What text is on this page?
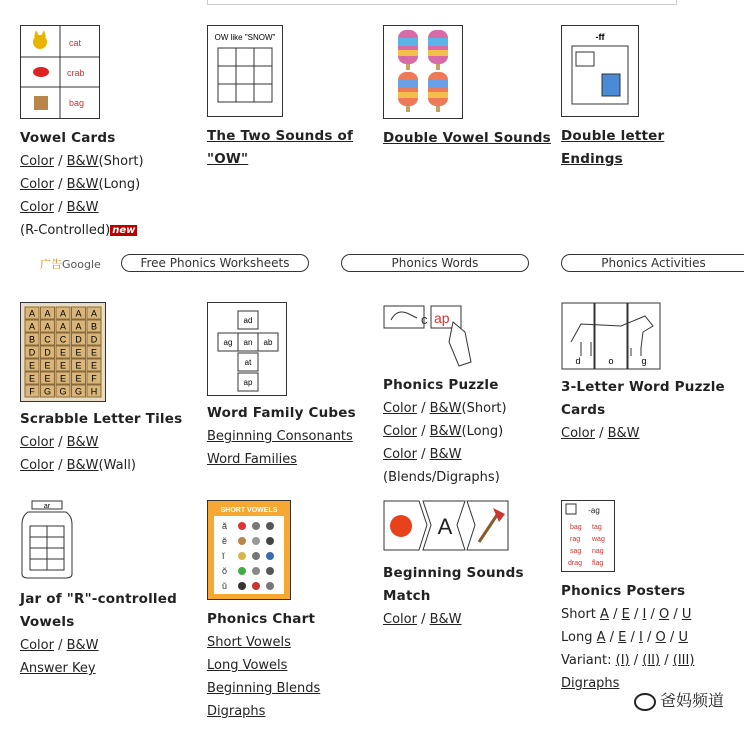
cat
crab
bag
Vowel Cards
Color / B&W(Short)
Color / B&W(Long)
Color / B&W
(R-Controlled) $^{new}$
OW like "SNOW"
The Two Sounds of "OW"
Double Vowel Sounds
-ff
Double letter Endings
广告Google	Free Phonics Worksheets	Phonics Words	Phonics Activities
A A A A A
A A A A B
B C C D D
D D E E E
E E E E E
E E E E F
F G G G H
Scrabble Letter Tiles
Color / B&W
Color / B&W(Wall)
ad
ag an ab
at
ap
Word Family Cubes
Beginning Consonants
Word Families
c ap
Phonics Puzzle
Color / B&W(Short)
Color / B&W(Long)
Color / B&W
(Blends/Digraphs)
d	o	g
3-Letter Word Puzzle Cards
Color / B&W
ar
Jar of "R"-controlled Vowels
Color / B&W
Answer Key
SHORT VOWELS
ă
ĕ
ĭ
ŏ
ŭ
Phonics Chart
Short Vowels
Long Vowels
Beginning Blends
Digraphs
A
Beginning Sounds Match
Color / B&W
-ag
bag tag
rag wag
sag nag
drag flag
Phonics Posters
Short A / E / I / O / U
Long A / E / I / O / U
Variant: (I) / (II) / (III)
Digraphs
爸妈频道
